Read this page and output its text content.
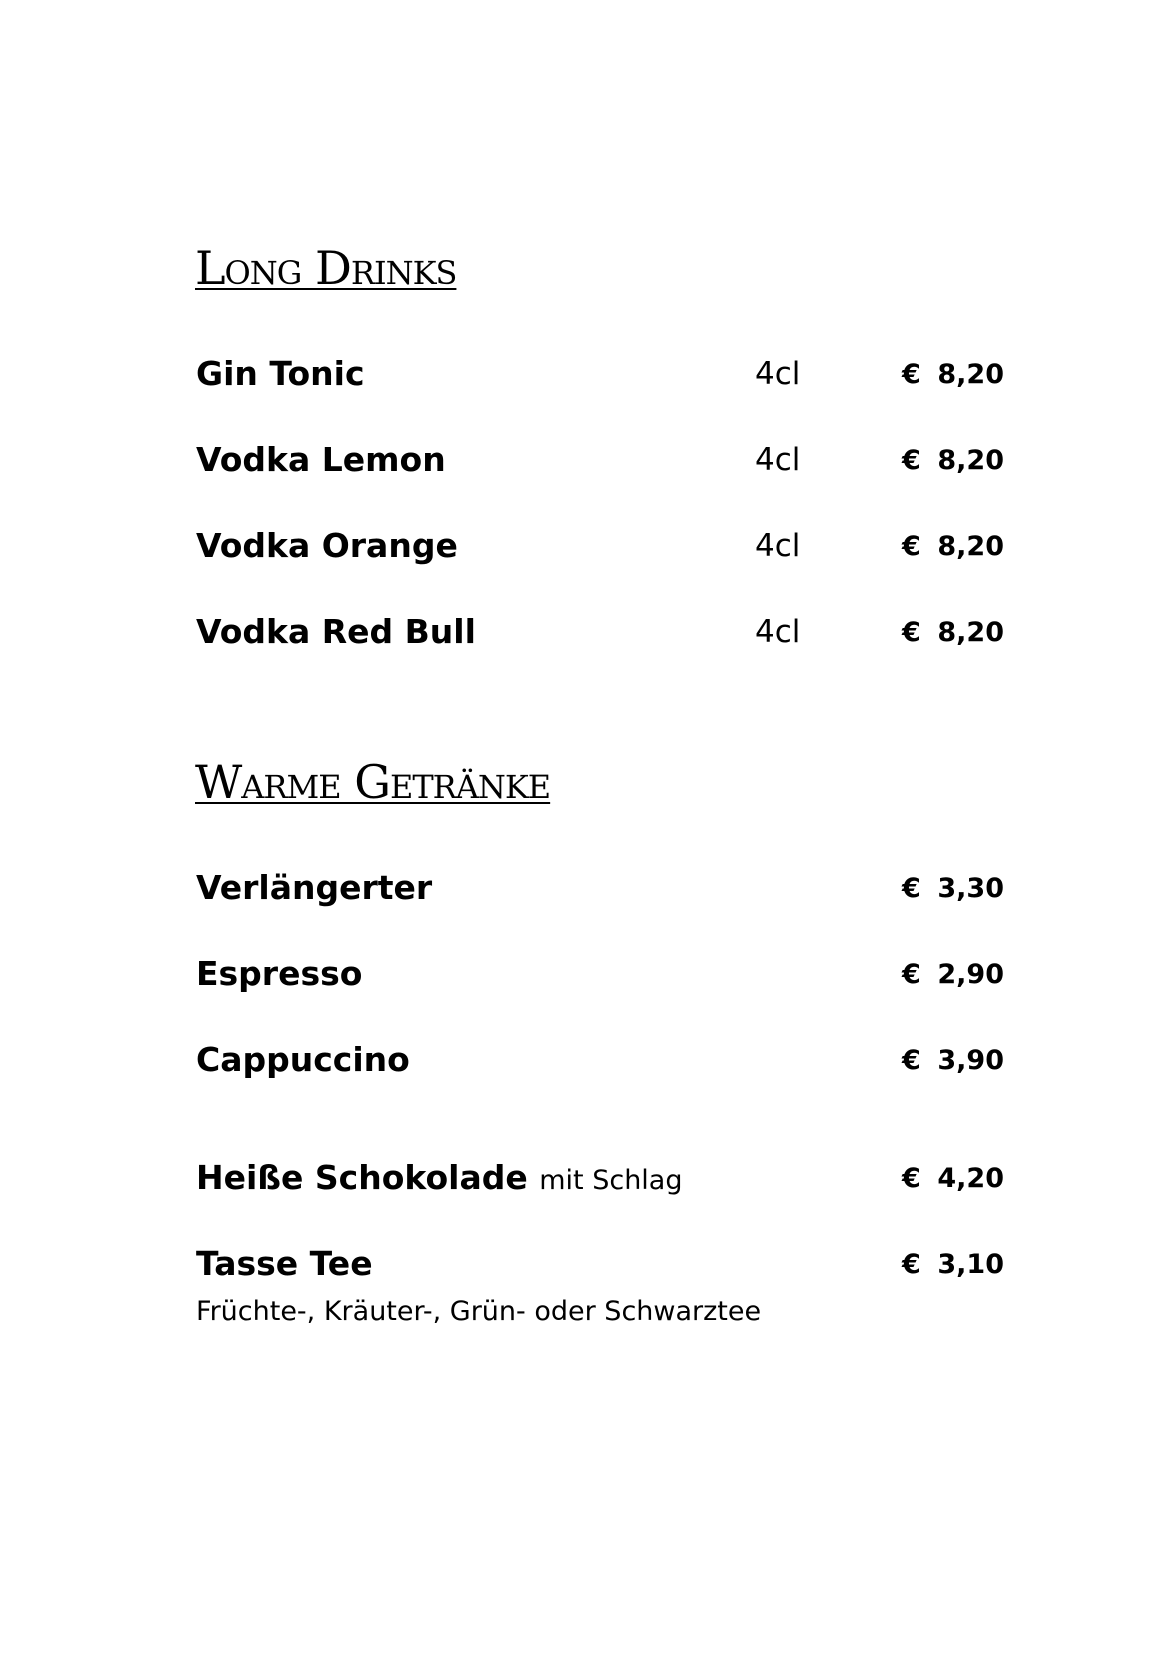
Long Drinks
Gin Tonic	4cl	€ 8,20
Vodka Lemon	4cl	€ 8,20
Vodka Orange	4cl	€ 8,20
Vodka Red Bull	4cl	€ 8,20
Warme Getränke
Verlängerter	€ 3,30
Espresso	€ 2,90
Cappuccino	€ 3,90
Heiße Schokolade mit Schlag	€ 4,20
Tasse Tee	€ 3,10
Früchte-, Kräuter-, Grün- oder Schwarztee
